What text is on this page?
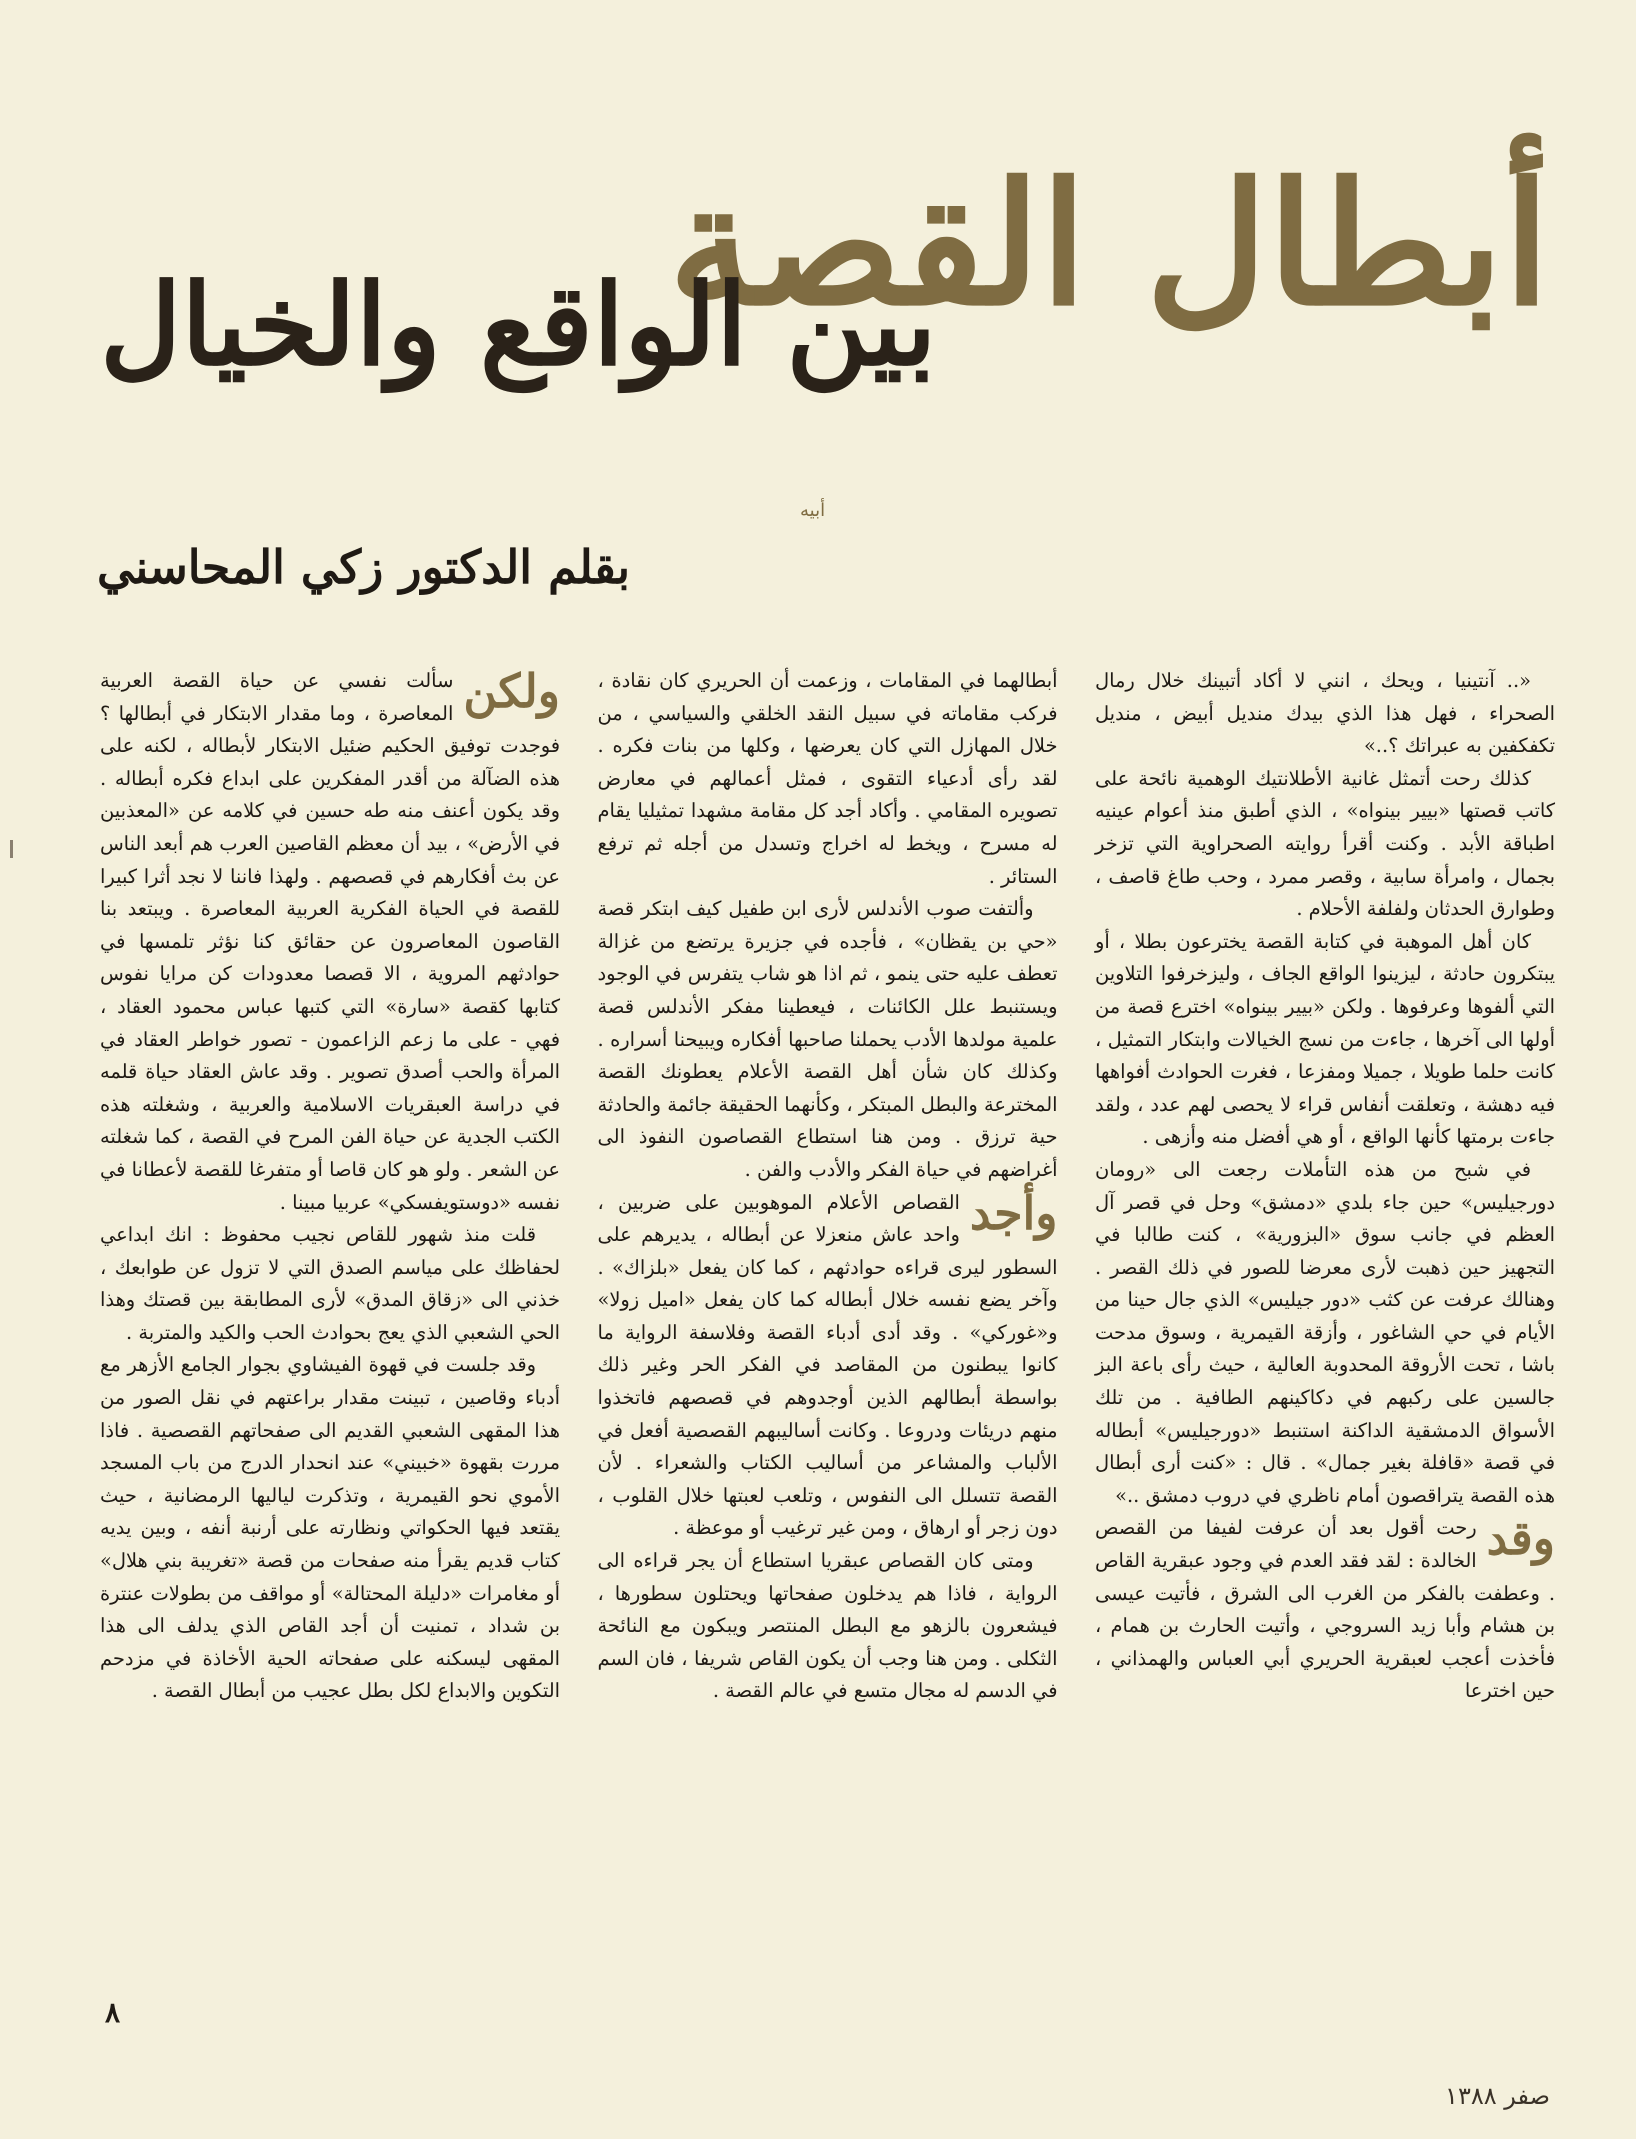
أبطال القصة
بين الواقع والخيال
أبيه
بقلم الدكتور زكي المحاسني

«.. آنتينيا ، ويحك ، انني لا أكاد أتبينك خلال رمال الصحراء ، فهل هذا الذي بيدك منديل أبيض ، منديل تكفكفين به عبراتك ؟..»

كذلك رحت أتمثل غانية الأطلانتيك الوهمية نائحة على كاتب قصتها «بيير بينواه» ، الذي أطبق منذ أعوام عينيه اطباقة الأبد . وكنت أقرأ روايته الصحراوية التي تزخر بجمال ، وامرأة سابية ، وقصر ممرد ، وحب طاغ قاصف ، وطوارق الحدثان ولفلفة الأحلام .

كان أهل الموهبة في كتابة القصة يخترعون بطلا ، أو يبتكرون حادثة ، ليزينوا الواقع الجاف ، وليزخرفوا التلاوين التي ألفوها وعرفوها . ولكن «بيير بينواه» اخترع قصة من أولها الى آخرها ، جاءت من نسج الخيالات وابتكار التمثيل ، كانت حلما طويلا ، جميلا ومفزعا ، فغرت الحوادث أفواهها فيه دهشة ، وتعلقت أنفاس قراء لا يحصى لهم عدد ، ولقد جاءت برمتها كأنها الواقع ، أو هي أفضل منه وأزهى .

في شبح من هذه التأملات رجعت الى «رومان دورجيليس» حين جاء بلدي «دمشق» وحل في قصر آل العظم في جانب سوق «البزورية» ، كنت طالبا في التجهيز حين ذهبت لأرى معرضا للصور في ذلك القصر . وهنالك عرفت عن كثب «دور جيليس» الذي جال حينا من الأيام في حي الشاغور ، وأزقة القيمرية ، وسوق مدحت باشا ، تحت الأروقة المحدوبة العالية ، حيث رأى باعة البز جالسين على ركبهم في دكاكينهم الطافية . من تلك الأسواق الدمشقية الداكنة استنبط «دورجيليس» أبطاله في قصة «قافلة بغير جمال» . قال : «كنت أرى أبطال هذه القصة يتراقصون أمام ناظري في دروب دمشق ..»

وقد
رحت أقول بعد أن عرفت لفيفا من القصص الخالدة : لقد فقد العدم في وجود عبقرية القاص . وعطفت بالفكر من الغرب الى الشرق ، فأتيت عيسى بن هشام وأبا زيد السروجي ، وأتيت الحارث بن همام ، فأخذت أعجب لعبقرية الحريري أبي العباس والهمذاني ، حين اخترعا

أبطالهما في المقامات ، وزعمت أن الحريري كان نقادة ، فركب مقاماته في سبيل النقد الخلقي والسياسي ، من خلال المهازل التي كان يعرضها ، وكلها من بنات فكره . لقد رأى أدعياء التقوى ، فمثل أعمالهم في معارض تصويره المقامي . وأكاد أجد كل مقامة مشهدا تمثيليا يقام له مسرح ، ويخط له اخراج وتسدل من أجله ثم ترفع الستائر .

وألتفت صوب الأندلس لأرى ابن طفيل كيف ابتكر قصة «حي بن يقظان» ، فأجده في جزيرة يرتضع من غزالة تعطف عليه حتى ينمو ، ثم اذا هو شاب يتفرس في الوجود ويستنبط علل الكائنات ، فيعطينا مفكر الأندلس قصة علمية مولدها الأدب يحملنا صاحبها أفكاره ويبيحنا أسراره . وكذلك كان شأن أهل القصة الأعلام يعطونك القصة المخترعة والبطل المبتكر ، وكأنهما الحقيقة جائمة والحادثة حية ترزق . ومن هنا استطاع القصاصون النفوذ الى أغراضهم في حياة الفكر والأدب والفن .

وأجد
القصاص الأعلام الموهوبين على ضربين ، واحد عاش منعزلا عن أبطاله ، يديرهم على السطور ليرى قراءه حوادثهم ، كما كان يفعل «بلزاك» . وآخر يضع نفسه خلال أبطاله كما كان يفعل «اميل زولا» و«غوركي» . وقد أدى أدباء القصة وفلاسفة الرواية ما كانوا يبطنون من المقاصد في الفكر الحر وغير ذلك بواسطة أبطالهم الذين أوجدوهم في قصصهم فاتخذوا منهم دريئات ودروعا . وكانت أساليبهم القصصية أفعل في الألباب والمشاعر من أساليب الكتاب والشعراء . لأن القصة تتسلل الى النفوس ، وتلعب لعبتها خلال القلوب ، دون زجر أو ارهاق ، ومن غير ترغيب أو موعظة .

ومتى كان القصاص عبقريا استطاع أن يجر قراءه الى الرواية ، فاذا هم يدخلون صفحاتها ويحتلون سطورها ، فيشعرون بالزهو مع البطل المنتصر ويبكون مع النائحة الثكلى . ومن هنا وجب أن يكون القاص شريفا ، فان السم في الدسم له مجال متسع في عالم القصة .

ولكن
سألت نفسي عن حياة القصة العربية المعاصرة ، وما مقدار الابتكار في أبطالها ؟ فوجدت توفيق الحكيم ضئيل الابتكار لأبطاله ، لكنه على هذه الضآلة من أقدر المفكرين على ابداع فكره أبطاله . وقد يكون أعنف منه طه حسين في كلامه عن «المعذبين في الأرض» ، بيد أن معظم القاصين العرب هم أبعد الناس عن بث أفكارهم في قصصهم . ولهذا فاننا لا نجد أثرا كبيرا للقصة في الحياة الفكرية العربية المعاصرة . ويبتعد بنا القاصون المعاصرون عن حقائق كنا نؤثر تلمسها في حوادثهم المروية ، الا قصصا معدودات كن مرايا نفوس كتابها كقصة «سارة» التي كتبها عباس محمود العقاد ، فهي - على ما زعم الزاعمون - تصور خواطر العقاد في المرأة والحب أصدق تصوير . وقد عاش العقاد حياة قلمه في دراسة العبقريات الاسلامية والعربية ، وشغلته هذه الكتب الجدية عن حياة الفن المرح في القصة ، كما شغلته عن الشعر . ولو هو كان قاصا أو متفرغا للقصة لأعطانا في نفسه «دوستويفسكي» عربيا مبينا .

قلت منذ شهور للقاص نجيب محفوظ : انك ابداعي لحفاظك على مياسم الصدق التي لا تزول عن طوابعك ، خذني الى «زقاق المدق» لأرى المطابقة بين قصتك وهذا الحي الشعبي الذي يعج بحوادث الحب والكيد والمتربة .

وقد جلست في قهوة الفيشاوي بجوار الجامع الأزهر مع أدباء وقاصين ، تبينت مقدار براعتهم في نقل الصور من هذا المقهى الشعبي القديم الى صفحاتهم القصصية . فاذا مررت بقهوة «خبيني» عند انحدار الدرج من باب المسجد الأموي نحو القيمرية ، وتذكرت لياليها الرمضانية ، حيث يقتعد فيها الحكواتي ونظارته على أرنبة أنفه ، وبين يديه كتاب قديم يقرأ منه صفحات من قصة «تغريبة بني هلال» أو مغامرات «دليلة المحتالة» أو مواقف من بطولات عنترة بن شداد ، تمنيت أن أجد القاص الذي يدلف الى هذا المقهى ليسكنه على صفحاته الحية الأخاذة في مزدحم التكوين والابداع لكل بطل عجيب من أبطال القصة .

٨
صفر ١٣٨٨
